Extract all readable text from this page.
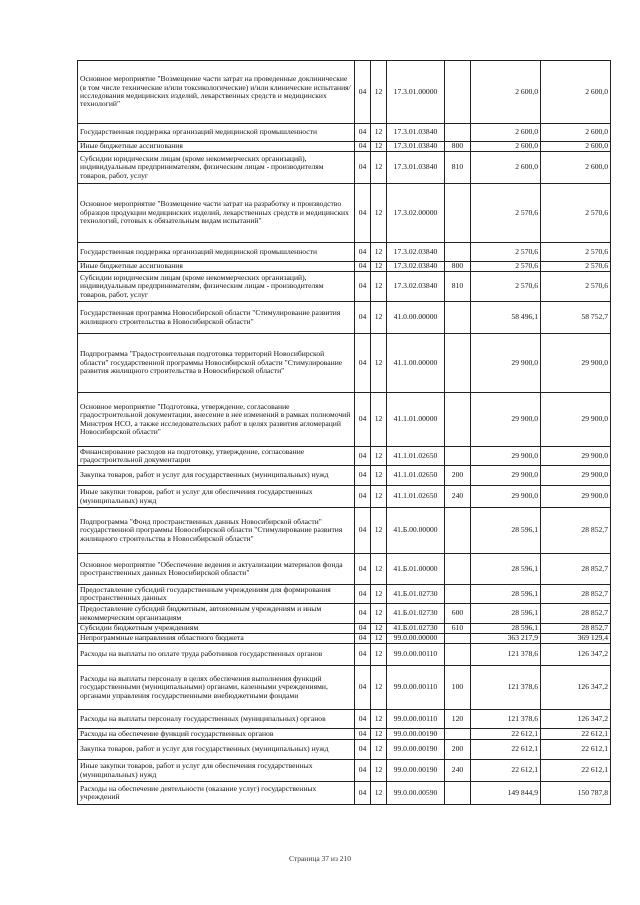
Основное мероприятие "Возмещение части затрат на проведенные доклинические (в том числе технические и/или токсикологические) и/или клинические испытания/исследования медицинских изделий, лекарственных средств и медицинских технологий"	04	12	17.3.01.00000		2 600,0	2 600,0
Государственная поддержка организаций медицинской промышленности	04	12	17.3.01.03840		2 600,0	2 600,0
Иные бюджетные ассигнования	04	12	17.3.01.03840	800	2 600,0	2 600,0
Субсидии юридическим лицам (кроме некоммерческих организаций), индивидуальным предпринимателям, физическим лицам - производителям товаров, работ, услуг	04	12	17.3.01.03840	810	2 600,0	2 600,0
Основное мероприятие "Возмещение части затрат на разработку и производство образцов продукции медицинских изделий, лекарственных средств и медицинских технологий, готовых к обязательным видам испытаний"	04	12	17.3.02.00000		2 570,6	2 570,6
Государственная поддержка организаций медицинской промышленности	04	12	17.3.02.03840		2 570,6	2 570,6
Иные бюджетные ассигнования	04	12	17.3.02.03840	800	2 570,6	2 570,6
Субсидии юридическим лицам (кроме некоммерческих организаций), индивидуальным предпринимателям, физическим лицам - производителям товаров, работ, услуг	04	12	17.3.02.03840	810	2 570,6	2 570,6
Государственная программа Новосибирской области "Стимулирование развития жилищного строительства в Новосибирской области"	04	12	41.0.00.00000		58 496,1	58 752,7
Подпрограмма "Градостроительная подготовка территорий Новосибирской области" государственной программы Новосибирской области "Стимулирование развития жилищного строительства в Новосибирской области"	04	12	41.1.00.00000		29 900,0	29 900,0
Основное мероприятие "Подготовка, утверждение, согласование градостроительной документации, внесение в нее изменений в рамках полномочий Минстроя НСО, а также исследовательских работ в целях развития агломераций Новосибирской области"	04	12	41.1.01.00000		29 900,0	29 900,0
Финансирование расходов на подготовку, утверждение, согласование градостроительной документации	04	12	41.1.01.02650		29 900,0	29 900,0
Закупка товаров, работ и услуг для государственных (муниципальных) нужд	04	12	41.1.01.02650	200	29 900,0	29 900,0
Иные закупки товаров, работ и услуг для обеспечения государственных (муниципальных) нужд	04	12	41.1.01.02650	240	29 900,0	29 900,0
Подпрограмма "Фонд пространственных данных Новосибирской области" государственной программы Новосибирской области "Стимулирование развития жилищного строительства в Новосибирской области"	04	12	41.Б.00.00000		28 596,1	28 852,7
Основное мероприятие "Обеспечение ведения и актуализации материалов фонда пространственных данных Новосибирской области"	04	12	41.Б.01.00000		28 596,1	28 852,7
Предоставление субсидий государственным учреждениям для формирования пространственных данных	04	12	41.Б.01.02730		28 596,1	28 852,7
Предоставление субсидий бюджетным, автономным учреждениям и иным некоммерческим организациям	04	12	41.Б.01.02730	600	28 596,1	28 852,7
Субсидии бюджетным учреждениям	04	12	41.Б.01.02730	610	28 596,1	28 852,7
Непрограммные направления областного бюджета	04	12	99.0.00.00000		363 217,9	369 129,4
Расходы на выплаты по оплате труда работников государственных органов	04	12	99.0.00.00110		121 378,6	126 347,2
Расходы на выплаты персоналу в целях обеспечения выполнения функций государственными (муниципальными) органами, казенными учреждениями, органами управления государственными внебюджетными фондами	04	12	99.0.00.00110	100	121 378,6	126 347,2
Расходы на выплаты персоналу государственных (муниципальных) органов	04	12	99.0.00.00110	120	121 378,6	126 347,2
Расходы на обеспечение функций государственных органов	04	12	99.0.00.00190		22 612,1	22 612,1
Закупка товаров, работ и услуг для государственных (муниципальных) нужд	04	12	99.0.00.00190	200	22 612,1	22 612,1
Иные закупки товаров, работ и услуг для обеспечения государственных (муниципальных) нужд	04	12	99.0.00.00190	240	22 612,1	22 612,1
Расходы на обеспечение деятельности (оказание услуг) государственных учреждений	04	12	99.0.00.00590		149 844,9	150 787,8
Страница 37 из 210
